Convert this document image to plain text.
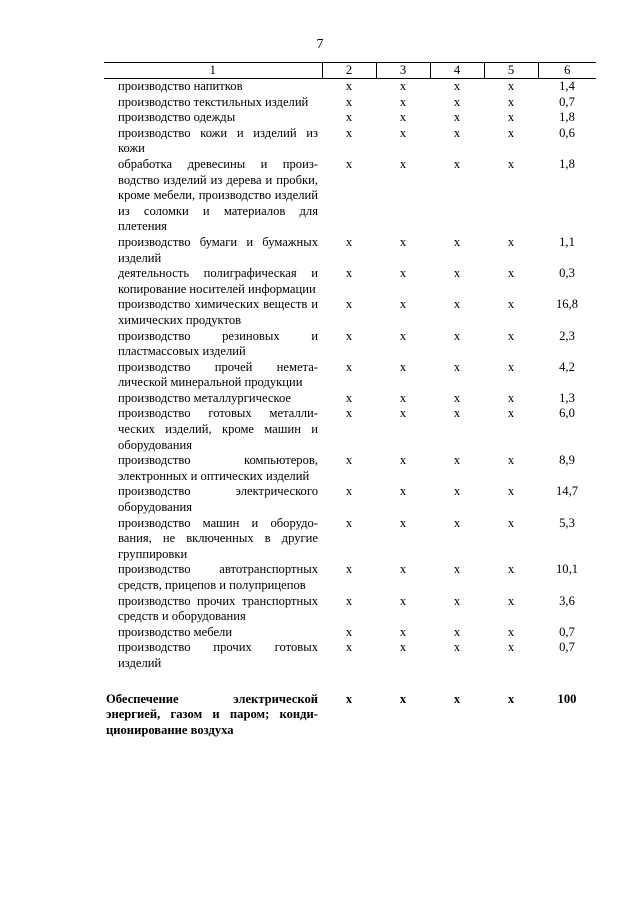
7
1	2	3	4	5	6
производство напитков	x	x	x	x	1,4
производство текстильных изделий	x	x	x	x	0,7
производство одежды	x	x	x	x	1,8
производство кожи и изделий из кожи	x	x	x	x	0,6
обработка древесины и производство изделий из дерева и пробки, кроме мебели, производство изделий из соломки и материалов для плетения	x	x	x	x	1,8
производство бумаги и бумажных изделий	x	x	x	x	1,1
деятельность полиграфическая и копирование носителей информации	x	x	x	x	0,3
производство химических веществ и химических продуктов	x	x	x	x	16,8
производство резиновых и пластмассовых изделий	x	x	x	x	2,3
производство прочей неметалической минеральной продукции	x	x	x	x	4,2
производство металлургическое	x	x	x	x	1,3
производство готовых металлических изделий, кроме машин и оборудования	x	x	x	x	6,0
производство компьютеров, электронных и оптических изделий	x	x	x	x	8,9
производство электрического оборудования	x	x	x	x	14,7
производство машин и оборудования, не включенных в другие группировки	x	x	x	x	5,3
производство автотранспортных средств, прицепов и полуприцепов	x	x	x	x	10,1
производство прочих транспортных средств и оборудования	x	x	x	x	3,6
производство мебели	x	x	x	x	0,7
производство прочих готовых изделий	x	x	x	x	0,7

Обеспечение электрической энергией, газом и паром; кондиционирование воздуха	x	x	x	x	100
